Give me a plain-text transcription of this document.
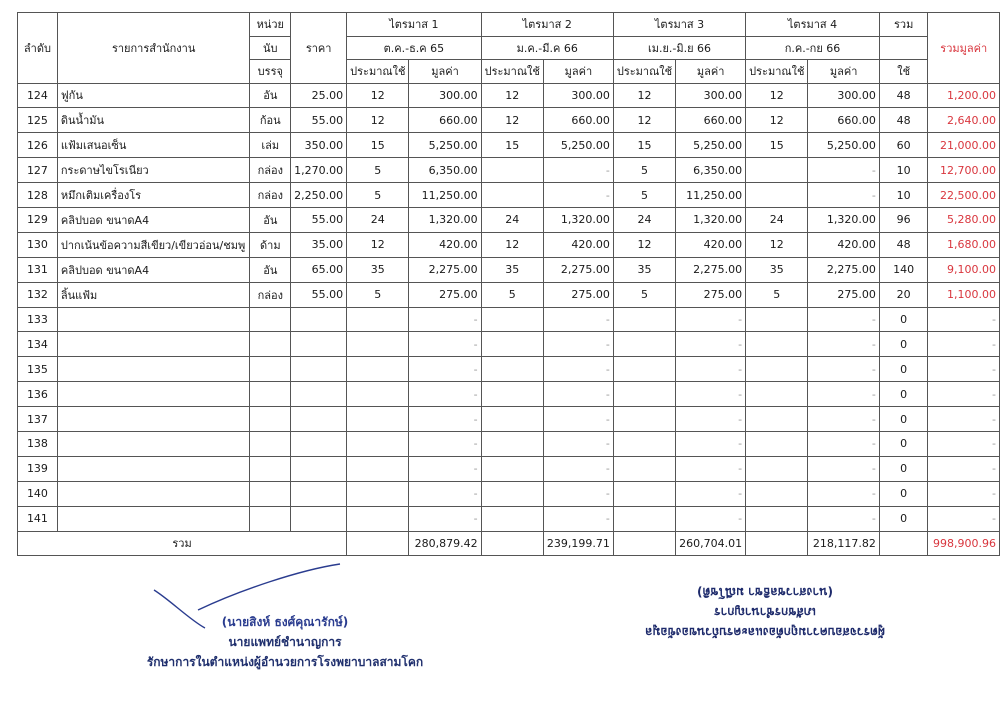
ลำดับ	รายการสำนักงาน	หน่วย	ราคา	ไตรมาส 1		ไตรมาส 2		ไตรมาส 3		ไตรมาส 4		รวม	รวมมูลค่า
		นับ		ต.ค.-ธ.ค 65		ม.ค.-มี.ค 66		เม.ย.-มิ.ย 66		ก.ค.-กย 66			
		บรรจุ		ประมาณใช้	มูลค่า	ประมาณใช้	มูลค่า	ประมาณใช้	มูลค่า	ประมาณใช้	มูลค่า	ใช้	
124	ฟูกัน	อัน	25.00	12	300.00	12	300.00	12	300.00	12	300.00	48	1,200.00
125	ดินน้ำมัน	ก้อน	55.00	12	660.00	12	660.00	12	660.00	12	660.00	48	2,640.00
126	แฟ้มเสนอเซ็น	เล่ม	350.00	15	5,250.00	15	5,250.00	15	5,250.00	15	5,250.00	60	21,000.00
127	กระดาษไขโรเนียว	กล่อง	1,270.00	5	6,350.00		-	5	6,350.00		-	10	12,700.00
128	หมึกเติมเครื่องโร	กล่อง	2,250.00	5	11,250.00		-	5	11,250.00		-	10	22,500.00
129	คลิปบอด ขนาดA4	อัน	55.00	24	1,320.00	24	1,320.00	24	1,320.00	24	1,320.00	96	5,280.00
130	ปากเน้นข้อความสีเขียว/เขียวอ่อน/ชมพู	ด้าม	35.00	12	420.00	12	420.00	12	420.00	12	420.00	48	1,680.00
131	คลิปบอด ขนาดA4	อัน	65.00	35	2,275.00	35	2,275.00	35	2,275.00	35	2,275.00	140	9,100.00
132	ลิ้นแฟ้ม	กล่อง	55.00	5	275.00	5	275.00	5	275.00	5	275.00	20	1,100.00
133					-		-		-		-	0	-
134					-		-		-		-	0	-
135					-		-		-		-	0	-
136					-		-		-		-	0	-
137					-		-		-		-	0	-
138					-		-		-		-	0	-
139					-		-		-		-	0	-
140					-		-		-		-	0	-
141					-		-		-		-	0	-
รวม					280,879.42		239,199.71		260,704.01		218,117.82		998,900.96
(นายสิงห์ ธงศ์คุณารักษ์)
นายแพทย์ชำนาญการ
รักษาการในตำแหน่งผู้อำนวยการโรงพยาบาลสามโคก
ผู้ตรวจสอบความถูกต้องและครบถ้วนของข้อมูล
เภสัชกรชำนาญการ
(นางสาวชลธิชา มณีโชติ)
